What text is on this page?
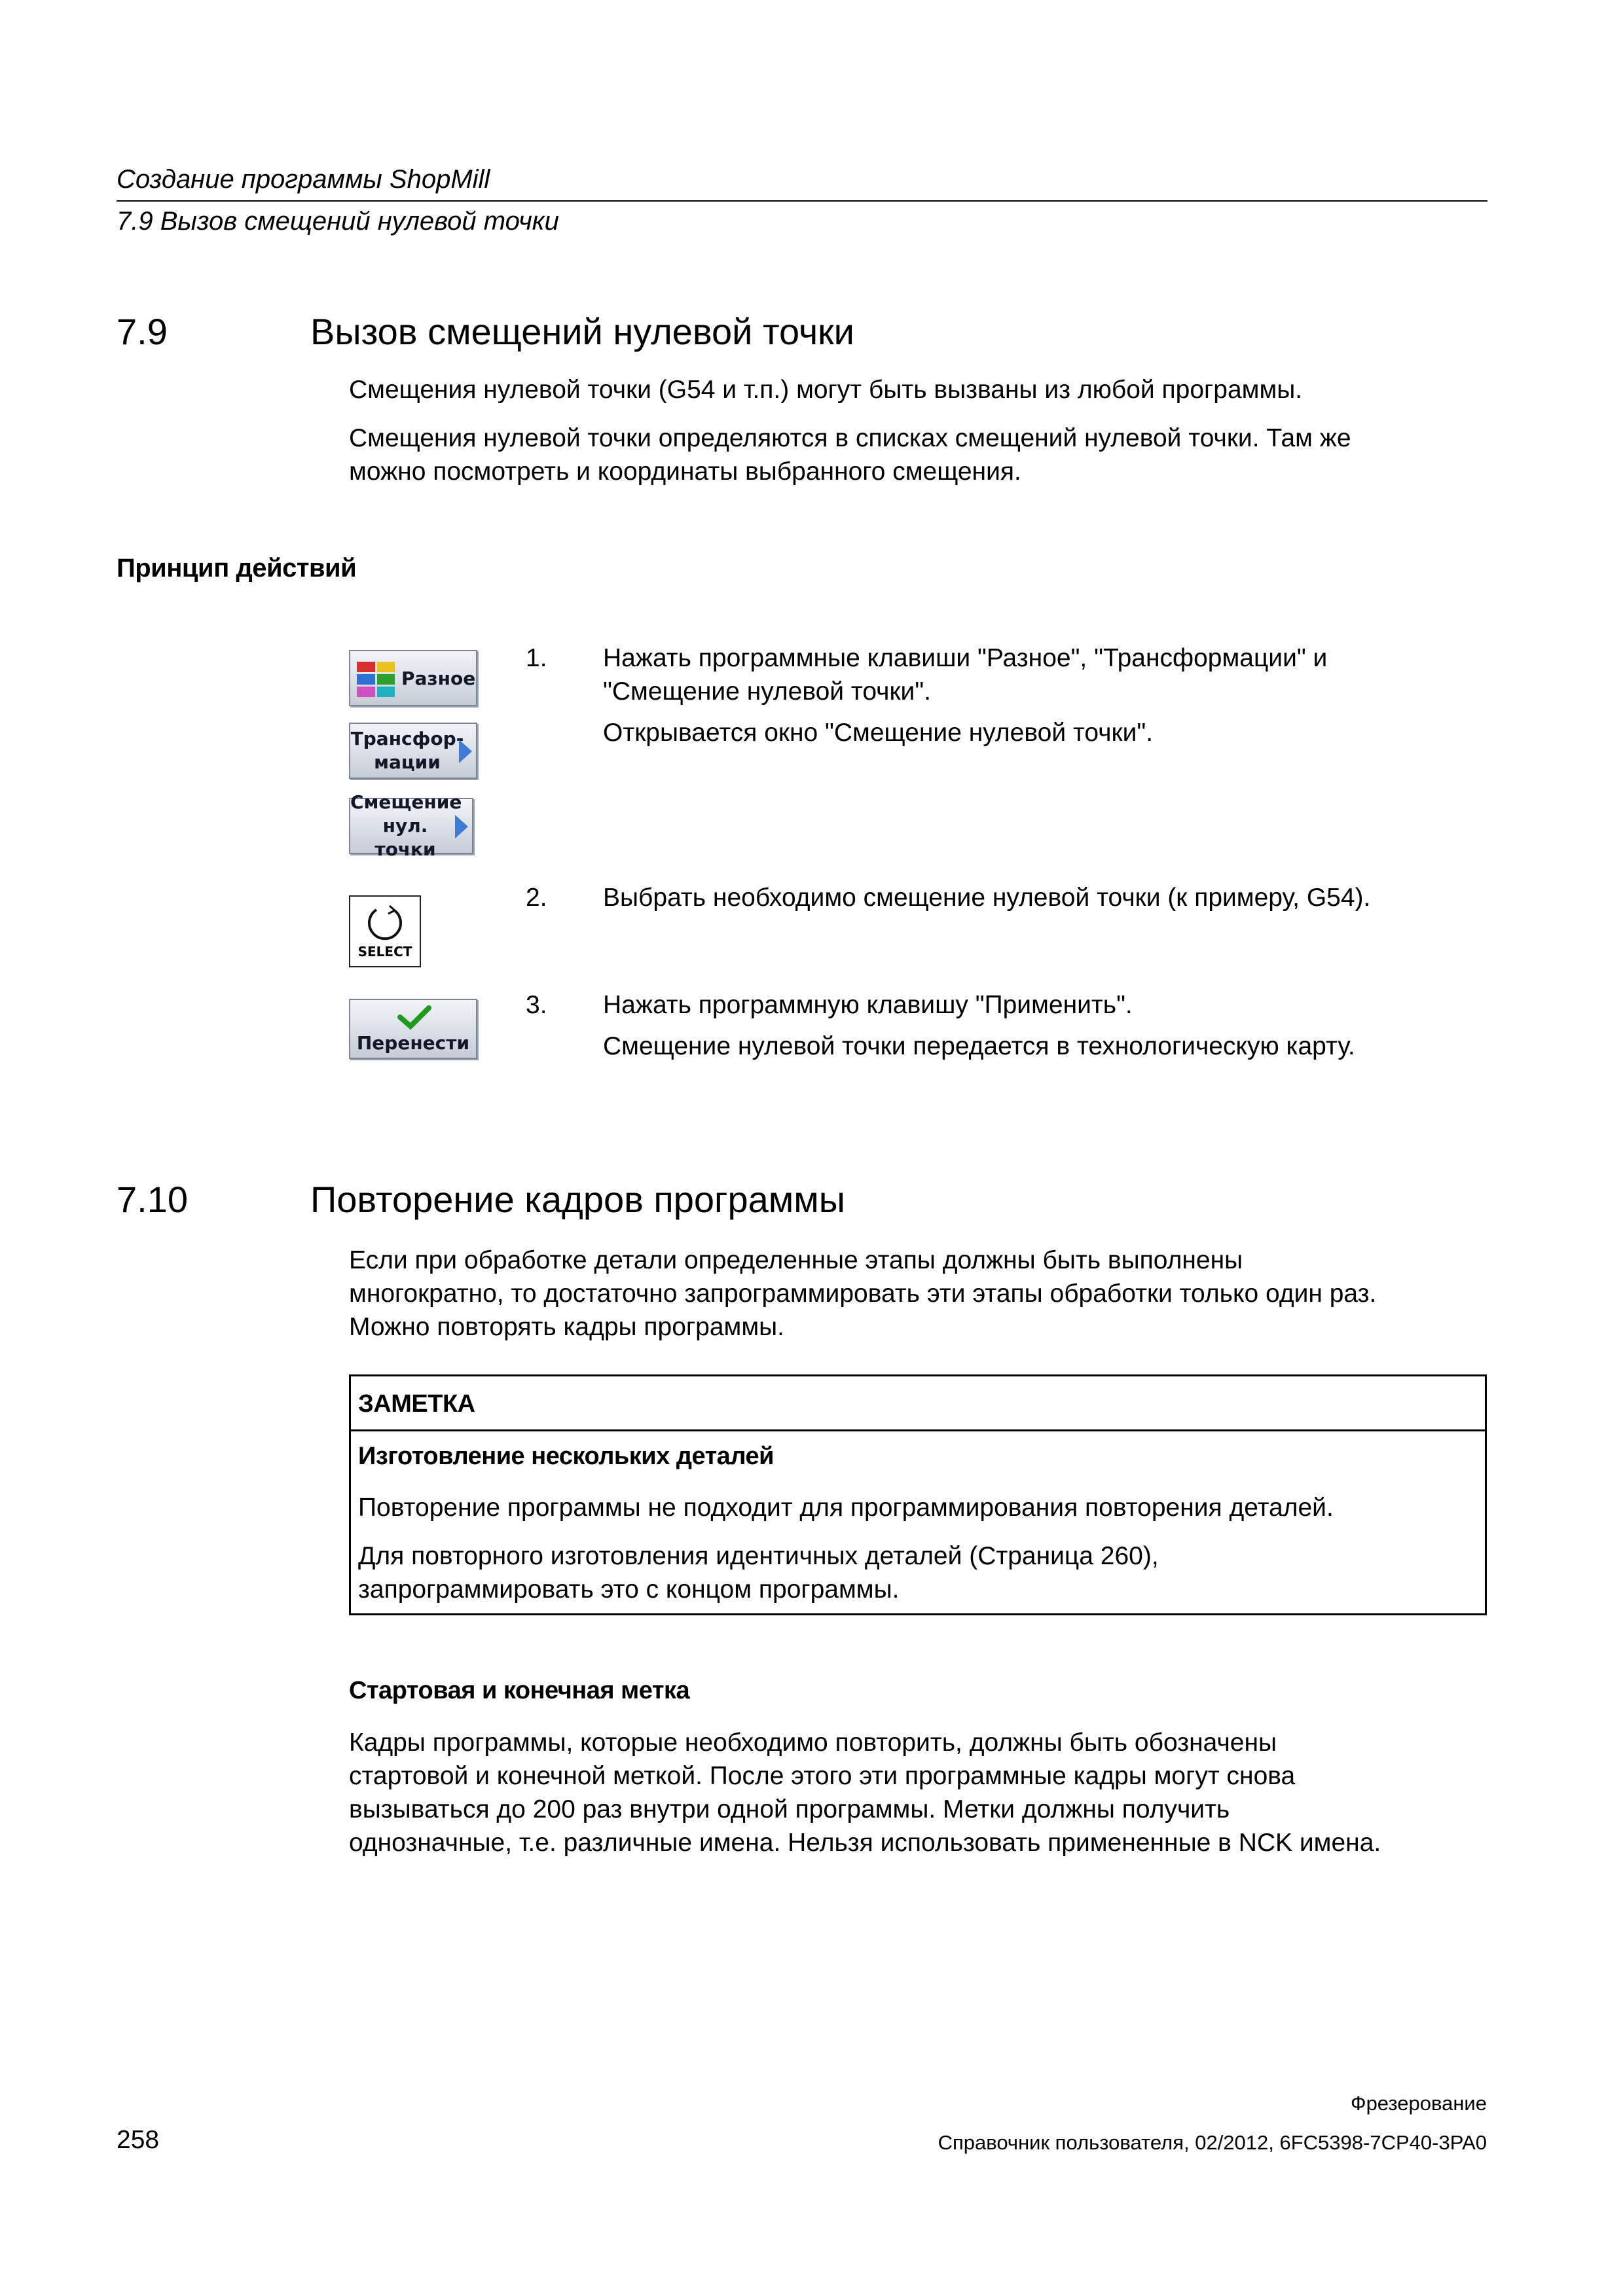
Создание программы ShopMill
7.9 Вызов смещений нулевой точки
7.9	Вызов смещений нулевой точки
Смещения нулевой точки (G54 и т.п.) могут быть вызваны из любой программы.
Смещения нулевой точки определяются в списках смещений нулевой точки. Там же
можно посмотреть и координаты выбранного смещения.
Принцип действий
Разное
Трансфор-
мации
Смещение
нул. точки
SELECT
Перенести
1. Нажать программные клавиши "Разное", "Трансформации" и
"Смещение нулевой точки".
Открывается окно "Смещение нулевой точки".
2. Выбрать необходимо смещение нулевой точки (к примеру, G54).
3. Нажать программную клавишу "Применить".
Смещение нулевой точки передается в технологическую карту.
7.10	Повторение кадров программы
Если при обработке детали определенные этапы должны быть выполнены
многократно, то достаточно запрограммировать эти этапы обработки только один раз.
Можно повторять кадры программы.
ЗАМЕТКА
Изготовление нескольких деталей
Повторение программы не подходит для программирования повторения деталей.
Для повторного изготовления идентичных деталей (Страница 260),
запрограммировать это с концом программы.
Стартовая и конечная метка
Кадры программы, которые необходимо повторить, должны быть обозначены
стартовой и конечной меткой. После этого эти программные кадры могут снова
вызываться до 200 раз внутри одной программы. Метки должны получить
однозначные, т.е. различные имена. Нельзя использовать примененные в NCK имена.
Фрезерование
258	Справочник пользователя, 02/2012, 6FC5398-7CP40-3PA0
